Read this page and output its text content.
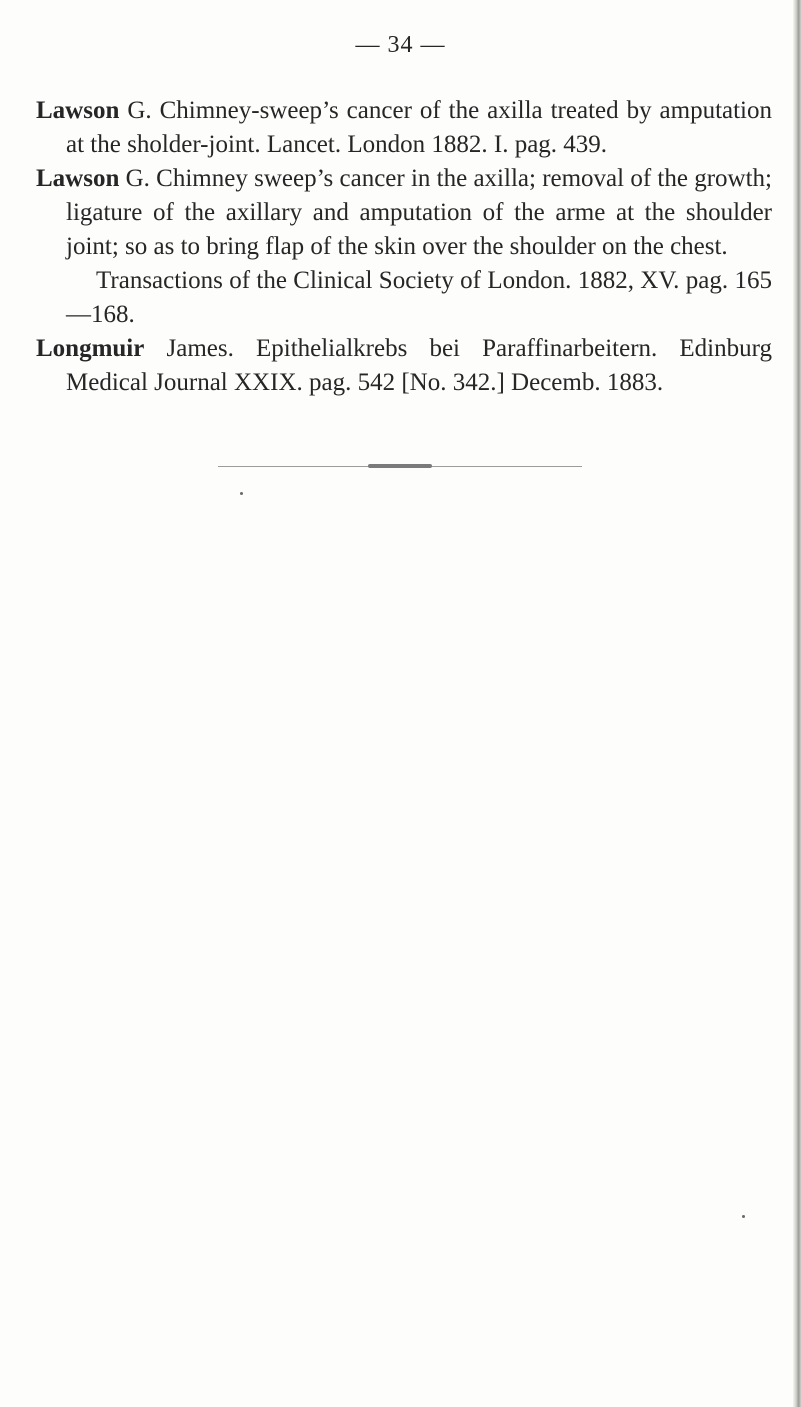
— 34 —

Lawson G. Chimney-sweep’s cancer of the axilla treated by amputation at the sholder-joint. Lancet. London 1882. I. pag. 439.

Lawson G. Chimney sweep’s cancer in the axilla; removal of the growth; ligature of the axillary and amputation of the arme at the shoulder joint; so as to bring flap of the skin over the shoulder on the chest.
Transactions of the Clinical Society of London. 1882, XV. pag. 165—168.

Longmuir James. Epithelialkrebs bei Paraffinarbeitern. Edinburg Medical Journal XXIX. pag. 542 [No. 342.] Decemb. 1883.
